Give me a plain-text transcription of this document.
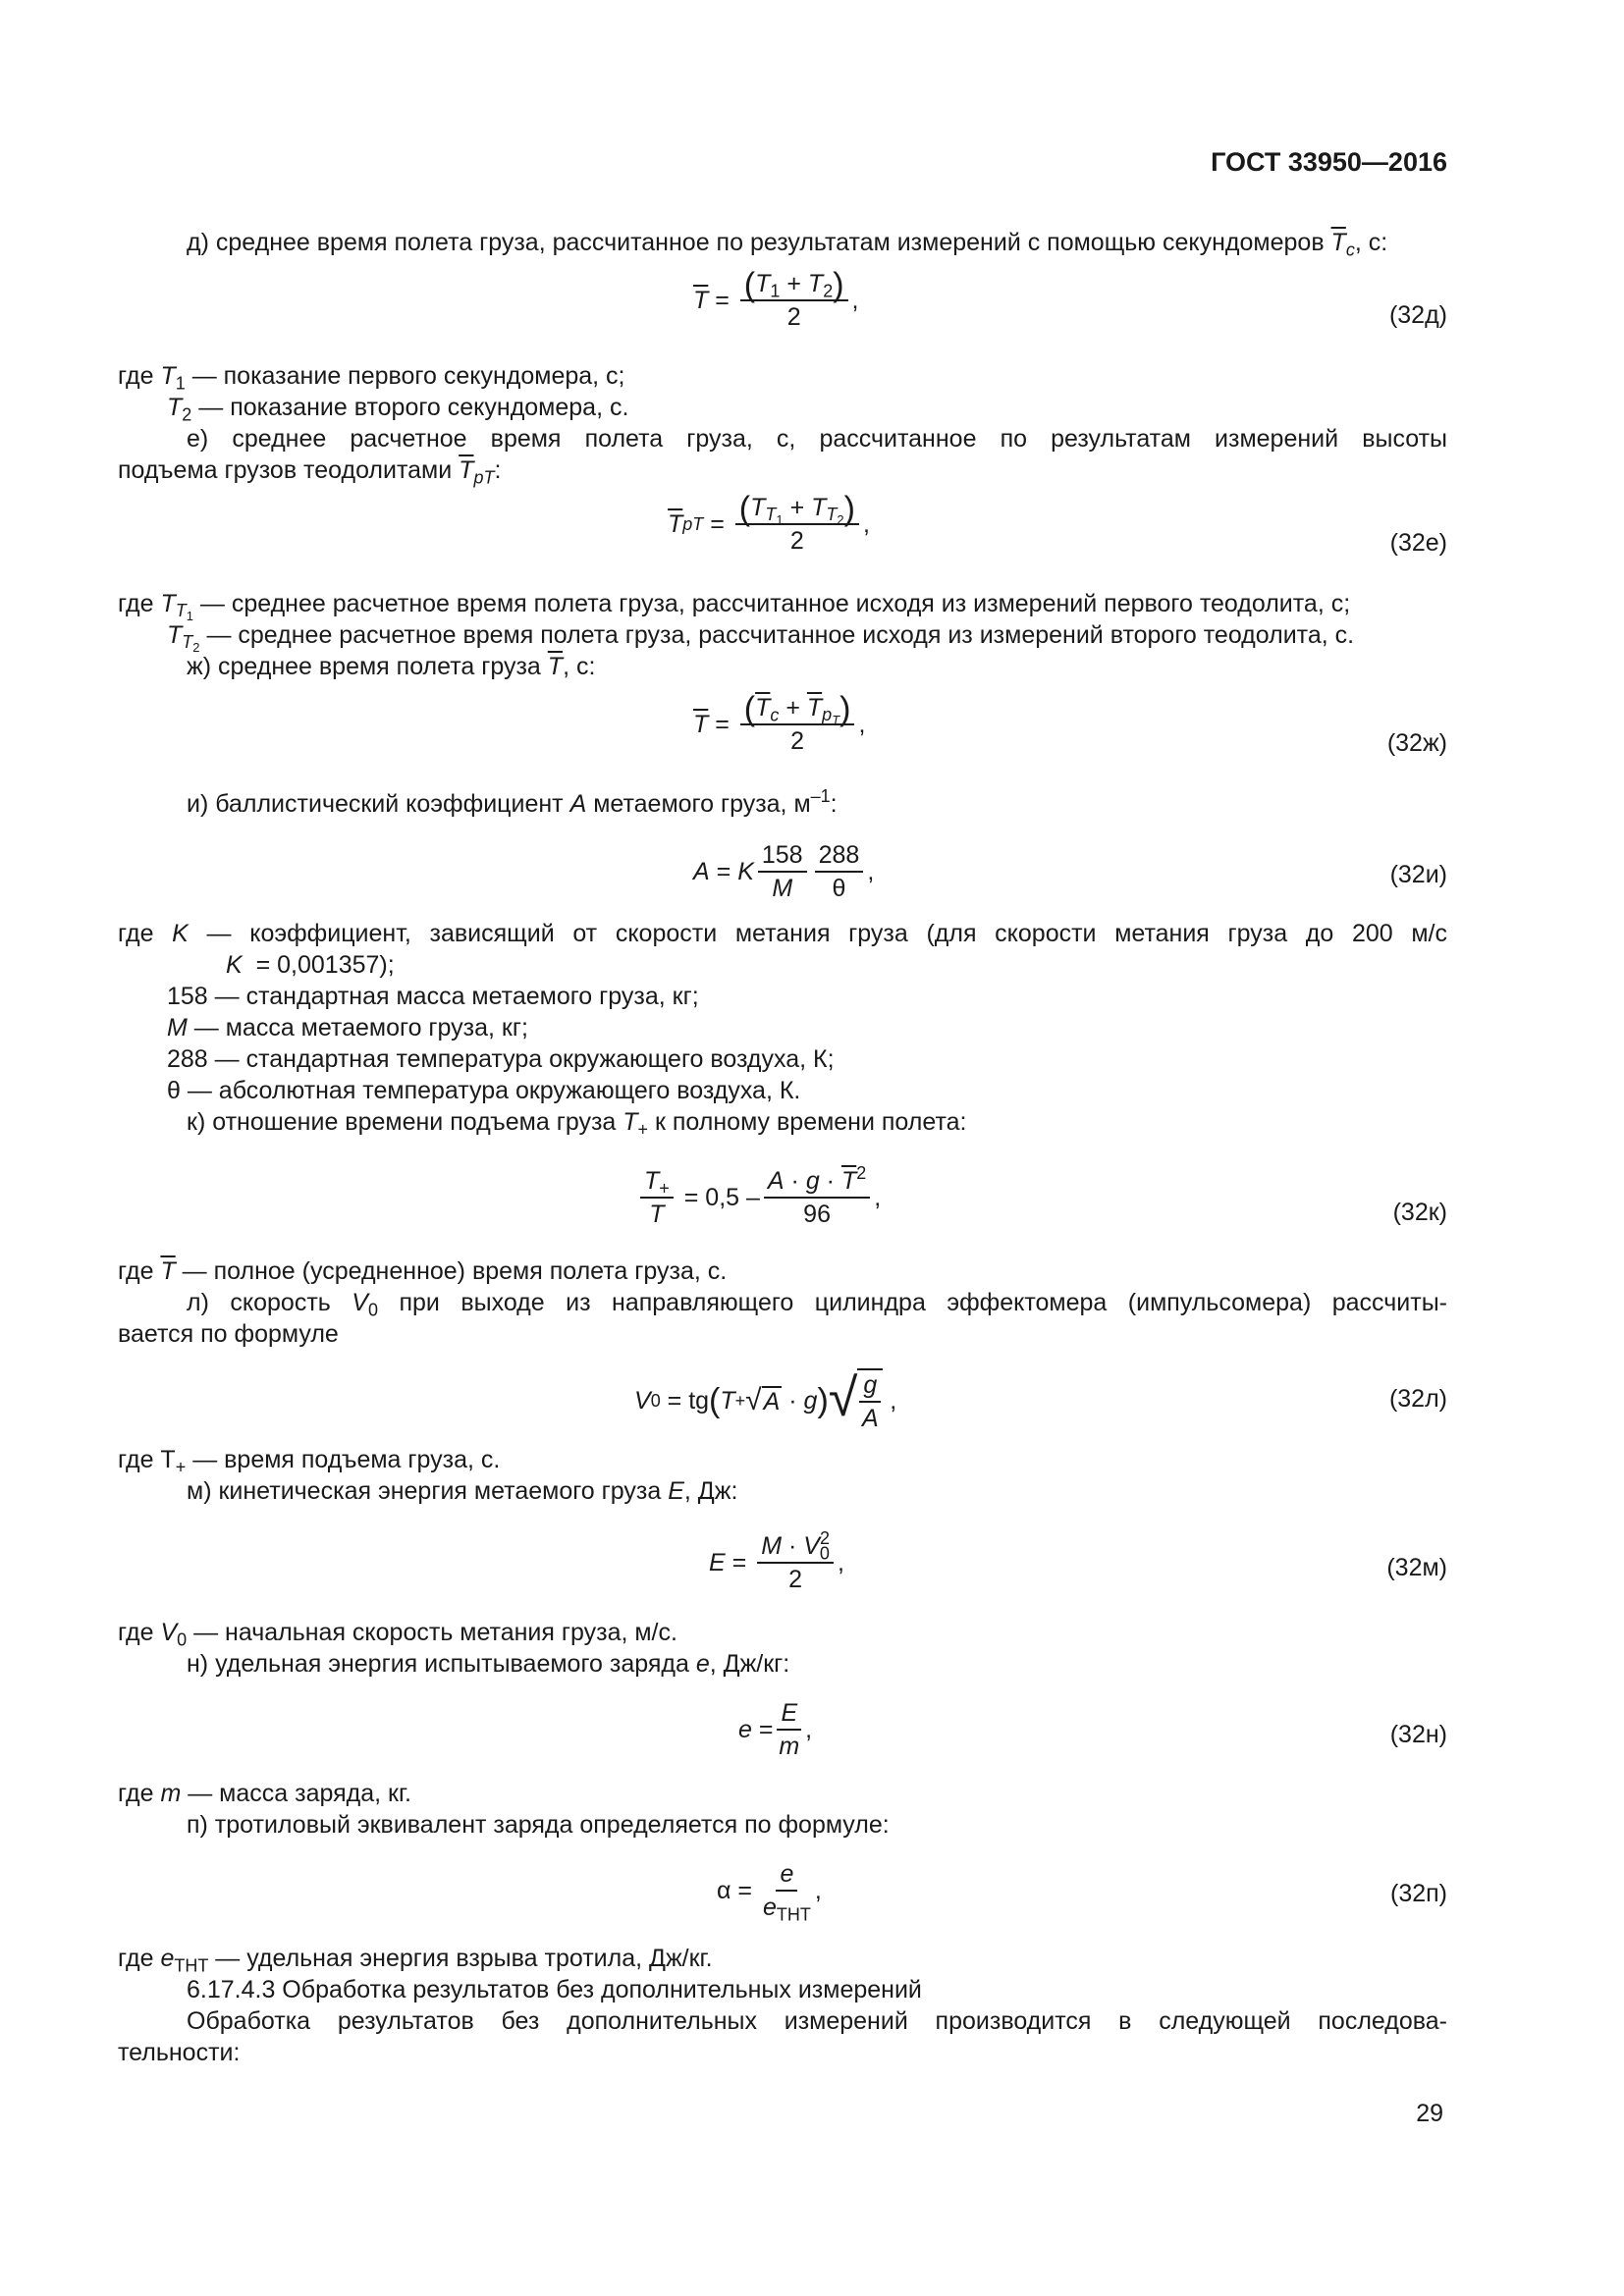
ГОСТ 33950—2016
д) среднее время полета груза, рассчитанное по результатам измерений с помощью секундомеров $\overline{T}_c$, с:
$\overline{T} = (T_1 + T_2)$
2
,
(32д)
где $T_1$ — показание первого секундомера, с;
$T_2$ — показание второго секундомера, с.
е) среднее расчетное время полета груза, с, рассчитанное по результатам измерений высоты
подъема грузов теодолитами $\overline{T}_{pT}$:
$\overline{T}$ pT = $(T_{T_1} + T_{T_2})$
2
,
(32е)
где $T_{T_1}$ — среднее расчетное время полета груза, рассчитанное исходя из измерений первого теодолита, с;
$T_{T_2}$ — среднее расчетное время полета груза, рассчитанное исходя из измерений второго теодолита, с.
ж) среднее время полета груза $\overline{T}$, с:
$\overline{T} = (\overline{T}_c + \overline{T}_{p_T})$
2
,
(32ж)
и) баллистический коэффициент A метаемого груза, $м^{-1}$:
A = K
158
M
288
θ
,	(32и)
где K — коэффициент, зависящий от скорости метания груза (для скорости метания груза до 200 м/с
K = 0,001357);
158 — стандартная масса метаемого груза, кг;
M — масса метаемого груза, кг;
288 — стандартная температура окружающего воздуха, К;
θ — абсолютная температура окружающего воздуха, К.
к) отношение времени подъема груза $T_+$ к полному времени полета:
$T_+$
T
= 0,5 –
$A \cdot g \cdot \overline{T}^2$
96
,
(32к)
где $\overline{T}$ — полное (усредненное) время полета груза, с.
л) скорость $V_0$ при выходе из направляющего цилиндра эффектомера (импульсомера) рассчиты-
вается по формуле
V 0 = tg ( T + √ A · g ) √ $\frac{g}{A}$ ,	(32л)
где $T_+$ — время подъема груза, с.
м) кинетическая энергия метаемого груза E, Дж:
E =
$M \cdot V_0^2$
2
,	(32м)
где $V_0$ — начальная скорость метания груза, м/с.
н) удельная энергия испытываемого заряда e, Дж/кг:
e =
E
m
,	(32н)
где m — масса заряда, кг.
п) тротиловый эквивалент заряда определяется по формуле:
α =
e
$e_{ТНТ}$
,	(32п)
где $e_{ТНТ}$ — удельная энергия взрыва тротила, Дж/кг.
6.17.4.3 Обработка результатов без дополнительных измерений
Обработка результатов без дополнительных измерений производится в следующей последова-
тельности:
29
